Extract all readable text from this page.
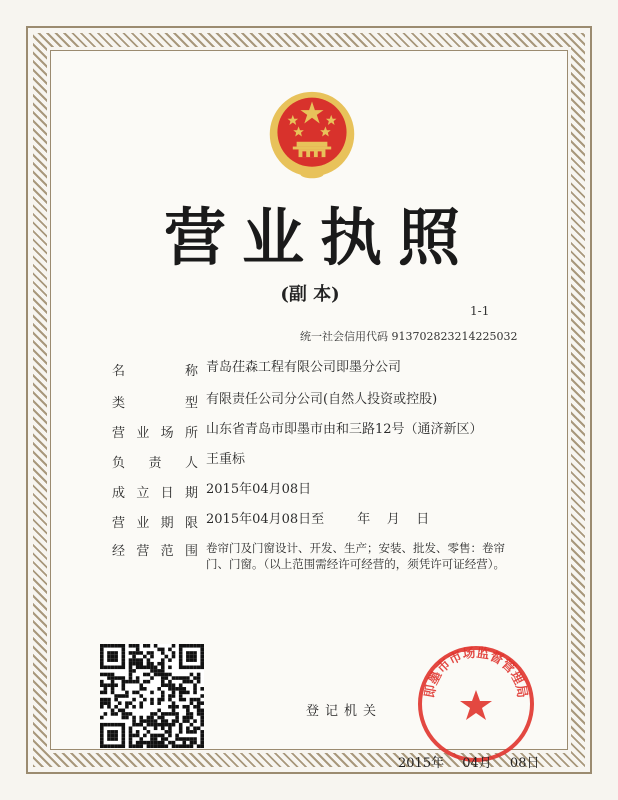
营业执照
(副 本)
1-1
统一社会信用代码 913702823214225032
名	称 青岛茌森工程有限公司即墨分公司
类	型 有限责任公司分公司(自然人投资或控股)
营 业 场 所 山东省青岛市即墨市由和三路12号（通济新区）
负 责 人 王重标
成 立 日 期 2015年04月08日
营 业 期 限 2015年04月08日至        年    月    日
经 营 范 围 卷帘门及门窗设计、开发、生产；安装、批发、零售：卷帘门、门窗。（以上范围需经许可经营的，须凭许可证经营）。
登记机关
即墨市市场监督管理局
2015年 04月 08日
